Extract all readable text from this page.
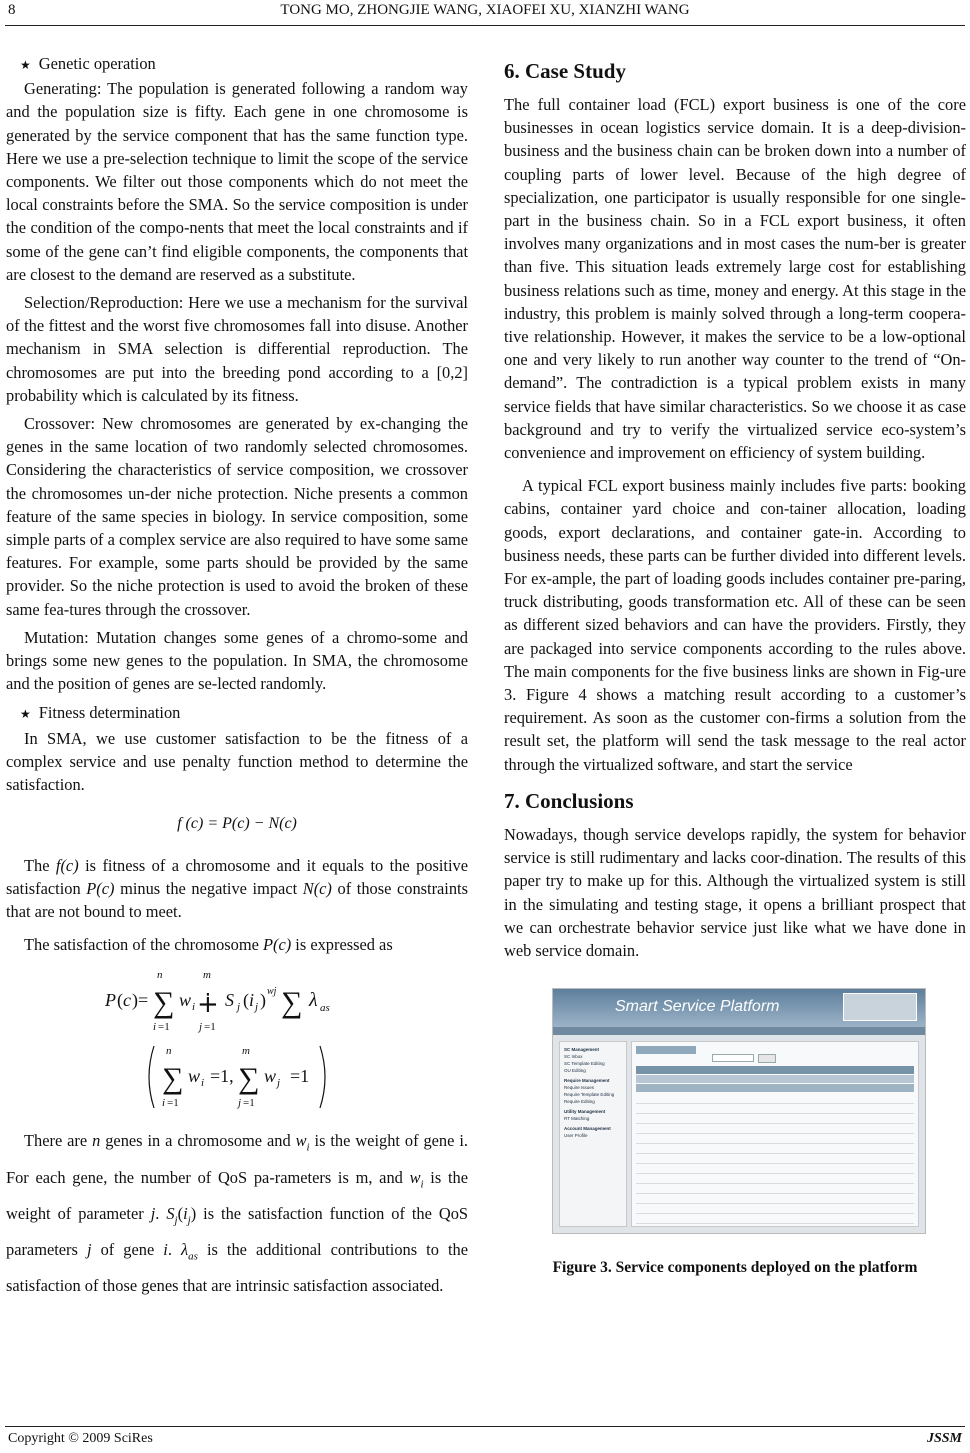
8	TONG MO, ZHONGJIE WANG, XIAOFEI XU, XIANZHI WANG

★ Genetic operation

Generating: The population is generated following a random way and the population size is fifty. Each gene in one chromosome is generated by the service component that has the same function type. Here we use a pre-selection technique to limit the scope of the service components. We filter out those components which do not meet the local constraints before the SMA. So the service composition is under the condition of the compo-nents that meet the local constraints and if some of the gene can’t find eligible components, the components that are closest to the demand are reserved as a substitute.

Selection/Reproduction: Here we use a mechanism for the survival of the fittest and the worst five chromosomes fall into disuse. Another mechanism in SMA selection is differential reproduction. The chromosomes are put into the breeding pond according to a [0,2] probability which is calculated by its fitness.

Crossover: New chromosomes are generated by ex-changing the genes in the same location of two randomly selected chromosomes. Considering the characteristics of service composition, we crossover the chromosomes un-der niche protection. Niche presents a common feature of the same species in biology. In service composition, some simple parts of a complex service are also required to have some same features. For example, some parts should be provided by the same provider. So the niche protection is used to avoid the broken of these same fea-tures through the crossover.

Mutation: Mutation changes some genes of a chromo-some and brings some new genes to the population. In SMA, the chromosome and the position of genes are se-lected randomly.

★ Fitness determination

In SMA, we use customer satisfaction to be the fitness of a complex service and use penalty function method to determine the satisfaction.

f (c) = P(c) − N(c)

The f(c) is fitness of a chromosome and it equals to the positive satisfaction P(c) minus the negative impact N(c) of those constraints that are not bound to meet.

The satisfaction of the chromosome P(c) is expressed as

P ( c )= ∑
n
i =1
w i ∔
m
j =1
S j ( i j ) wj ∑ λ as
∑
n
i =1
w i =1, ∑
m
j =1
w j =1

There are n genes in a chromosome and $w_i$ is the weight of gene i. For each gene, the number of QoS pa-rameters is m, and $w_i$ is the weight of parameter j. $S_j(i_j)$ is the satisfaction function of the QoS parameters j of gene i. $\lambda_{as}$ is the additional contributions to the satisfaction of those genes that are intrinsic satisfaction associated.

6. Case Study

The full container load (FCL) export business is one of the core businesses in ocean logistics service domain. It is a deep-division-business and the business chain can be broken down into a number of coupling parts of lower level. Because of the high degree of specialization, one participator is usually responsible for one single-part in the business chain. So in a FCL export business, it often involves many organizations and in most cases the num-ber is greater than five. This situation leads extremely large cost for establishing business relations such as time, money and energy. At this stage in the industry, this problem is mainly solved through a long-term coopera-tive relationship. However, it makes the service to be a low-optional one and very likely to run another way counter to the trend of “On-demand”. The contradiction is a typical problem exists in many service fields that have similar characteristics. So we choose it as case background and try to verify the virtualized service eco-system’s convenience and improvement on efficiency of system building.

A typical FCL export business mainly includes five parts: booking cabins, container yard choice and con-tainer allocation, loading goods, export declarations, and container gate-in. According to business needs, these parts can be further divided into different levels. For ex-ample, the part of loading goods includes container pre-paring, truck distributing, goods transformation etc. All of these can be seen as different sized behaviors and can have the providers. Firstly, they are packaged into service components according to the rules above. The main components for the five business links are shown in Fig-ure 3. Figure 4 shows a matching result according to a customer’s requirement. As soon as the customer con-firms a solution from the result set, the platform will send the task message to the real actor through the virtualized software, and start the service

7. Conclusions

Nowadays, though service develops rapidly, the system for behavior service is still rudimentary and lacks coor-dination. The results of this paper try to make up for this. Although the virtualized system is still in the simulating and testing stage, it opens a brilliant prospect that we can orchestrate behavior service just like what we have done in web service domain.

Smart Service Platform
SC Management
SC Inbox
SC Template Editing
OU Editing
Require Management
Require Issues
Require Template Editing
Require Editing
Utility Management
RT Matching
Account Management
User Profile
Figure 3. Service components deployed on the platform
Copyright © 2009 SciRes	JSSM
